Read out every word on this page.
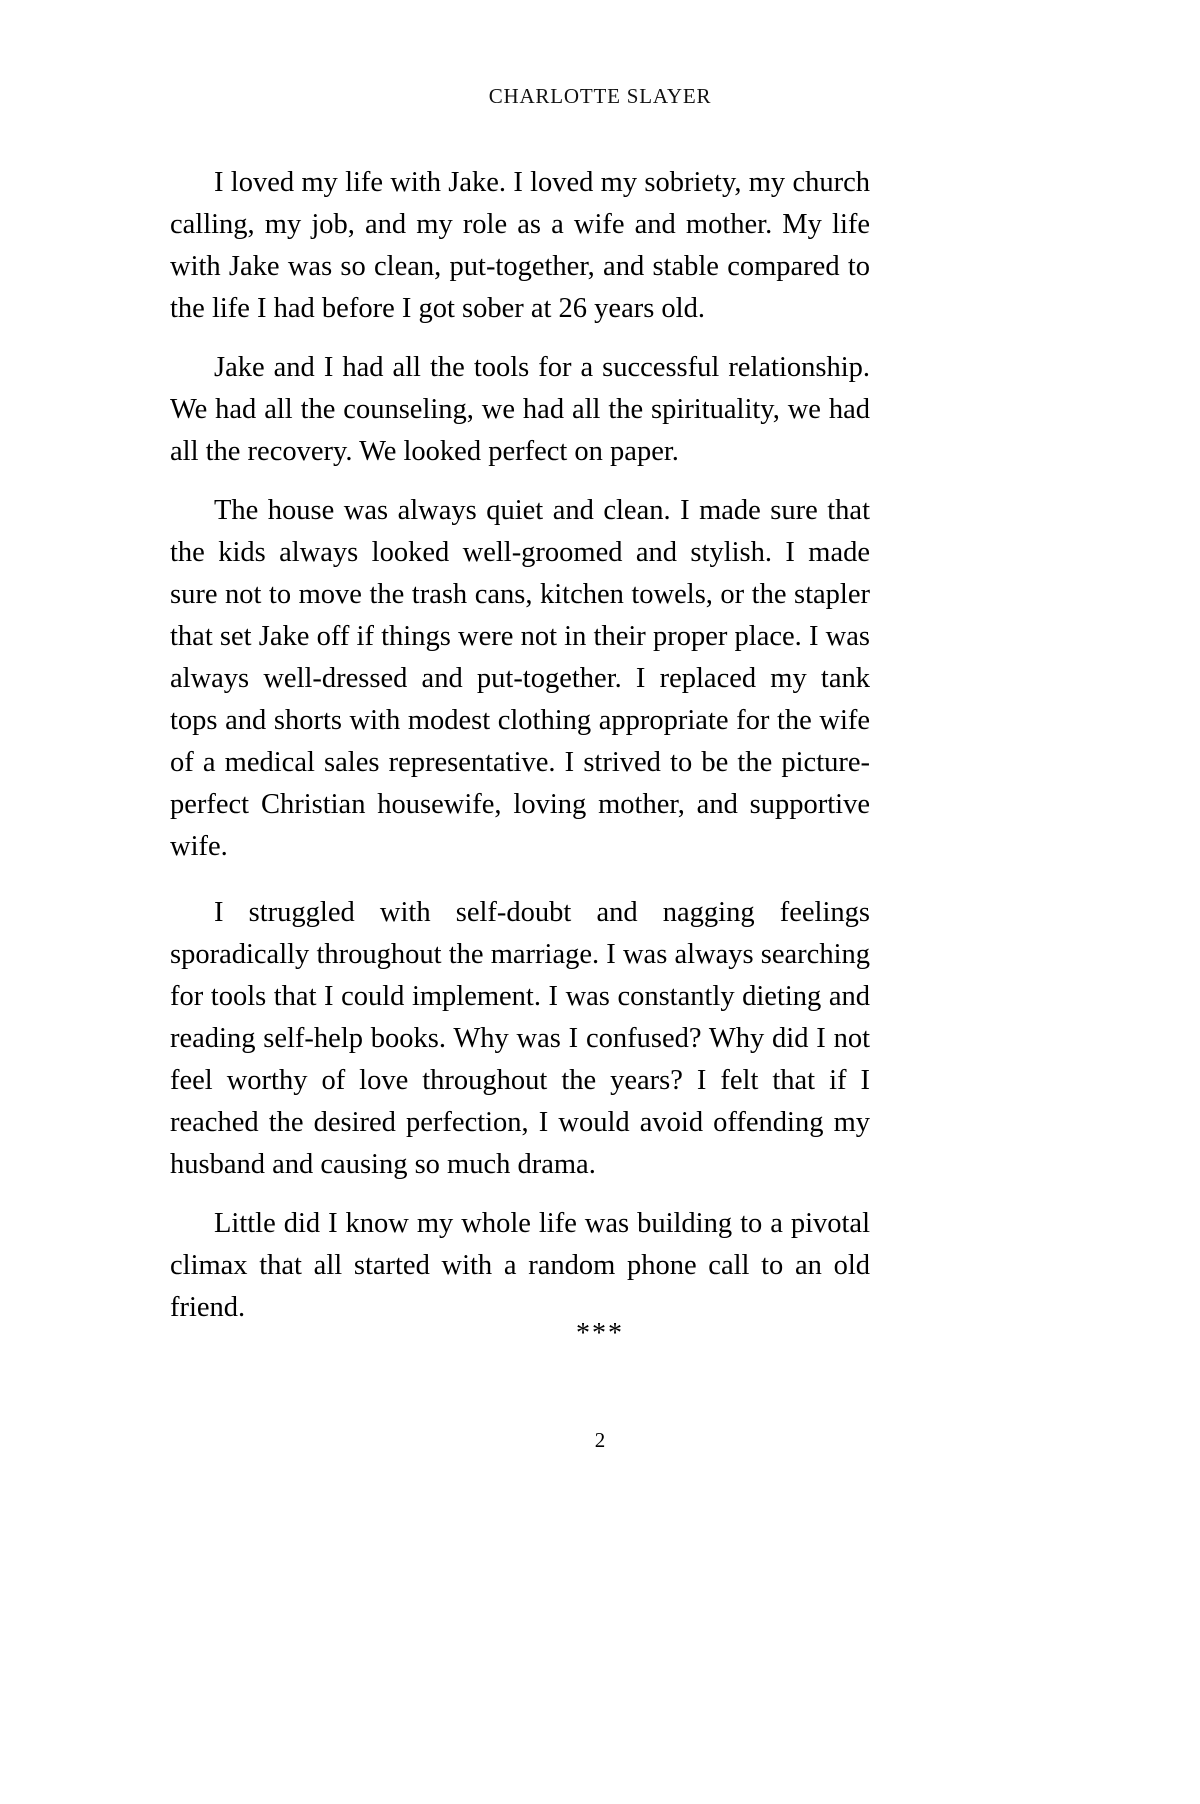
CHARLOTTE SLAYER

I loved my life with Jake. I loved my sobriety, my church calling, my job, and my role as a wife and mother. My life with Jake was so clean, put-together, and stable compared to the life I had before I got sober at 26 years old.

Jake and I had all the tools for a successful relationship. We had all the counseling, we had all the spirituality, we had all the recovery. We looked perfect on paper.

The house was always quiet and clean. I made sure that the kids always looked well-groomed and stylish. I made sure not to move the trash cans, kitchen towels, or the stapler that set Jake off if things were not in their proper place. I was always well-dressed and put-together. I replaced my tank tops and shorts with modest clothing appropriate for the wife of a medical sales representative. I strived to be the picture-perfect Christian housewife, loving mother, and supportive wife.

I struggled with self-doubt and nagging feelings sporadically throughout the marriage. I was always searching for tools that I could implement. I was constantly dieting and reading self-help books. Why was I confused? Why did I not feel worthy of love throughout the years? I felt that if I reached the desired perfection, I would avoid offending my husband and causing so much drama.

Little did I know my whole life was building to a pivotal climax that all started with a random phone call to an old friend.

***
2
